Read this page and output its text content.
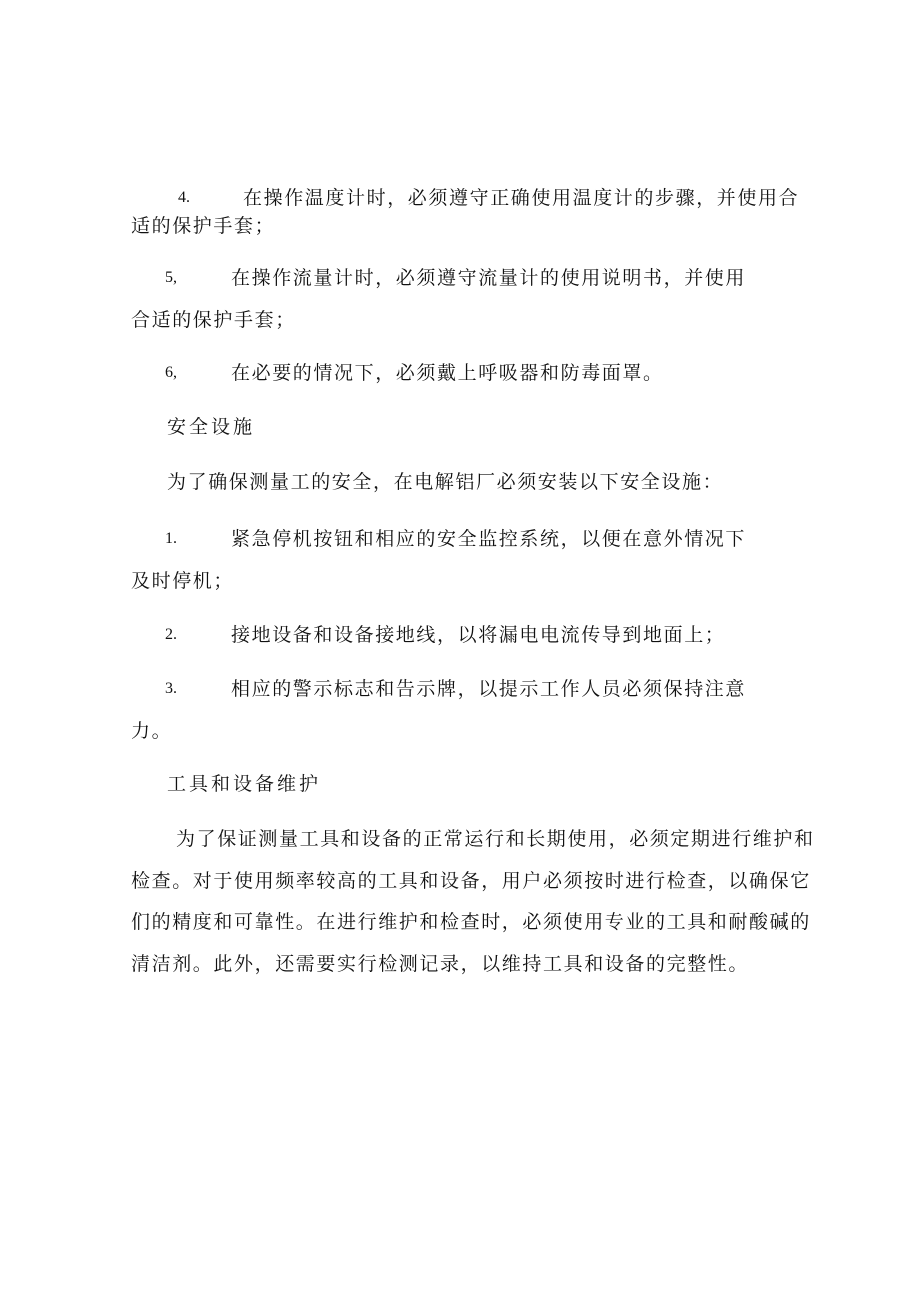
4.	在操作温度计时，必须遵守正确使用温度计的步骤，并使用合
适的保护手套；
5,	在操作流量计时，必须遵守流量计的使用说明书，并使用
合适的保护手套；
6,	在必要的情况下，必须戴上呼吸器和防毒面罩。
安全设施
为了确保测量工的安全，在电解铝厂必须安装以下安全设施：
1.	紧急停机按钮和相应的安全监控系统，以便在意外情况下
及时停机；
2.	接地设备和设备接地线，以将漏电电流传导到地面上；
3.	相应的警示标志和告示牌，以提示工作人员必须保持注意
力。
工具和设备维护
为了保证测量工具和设备的正常运行和长期使用，必须定期进行维护和
检查。对于使用频率较高的工具和设备，用户必须按时进行检查，以确保它
们的精度和可靠性。在进行维护和检查时，必须使用专业的工具和耐酸碱的
清洁剂。此外，还需要实行检测记录，以维持工具和设备的完整性。
